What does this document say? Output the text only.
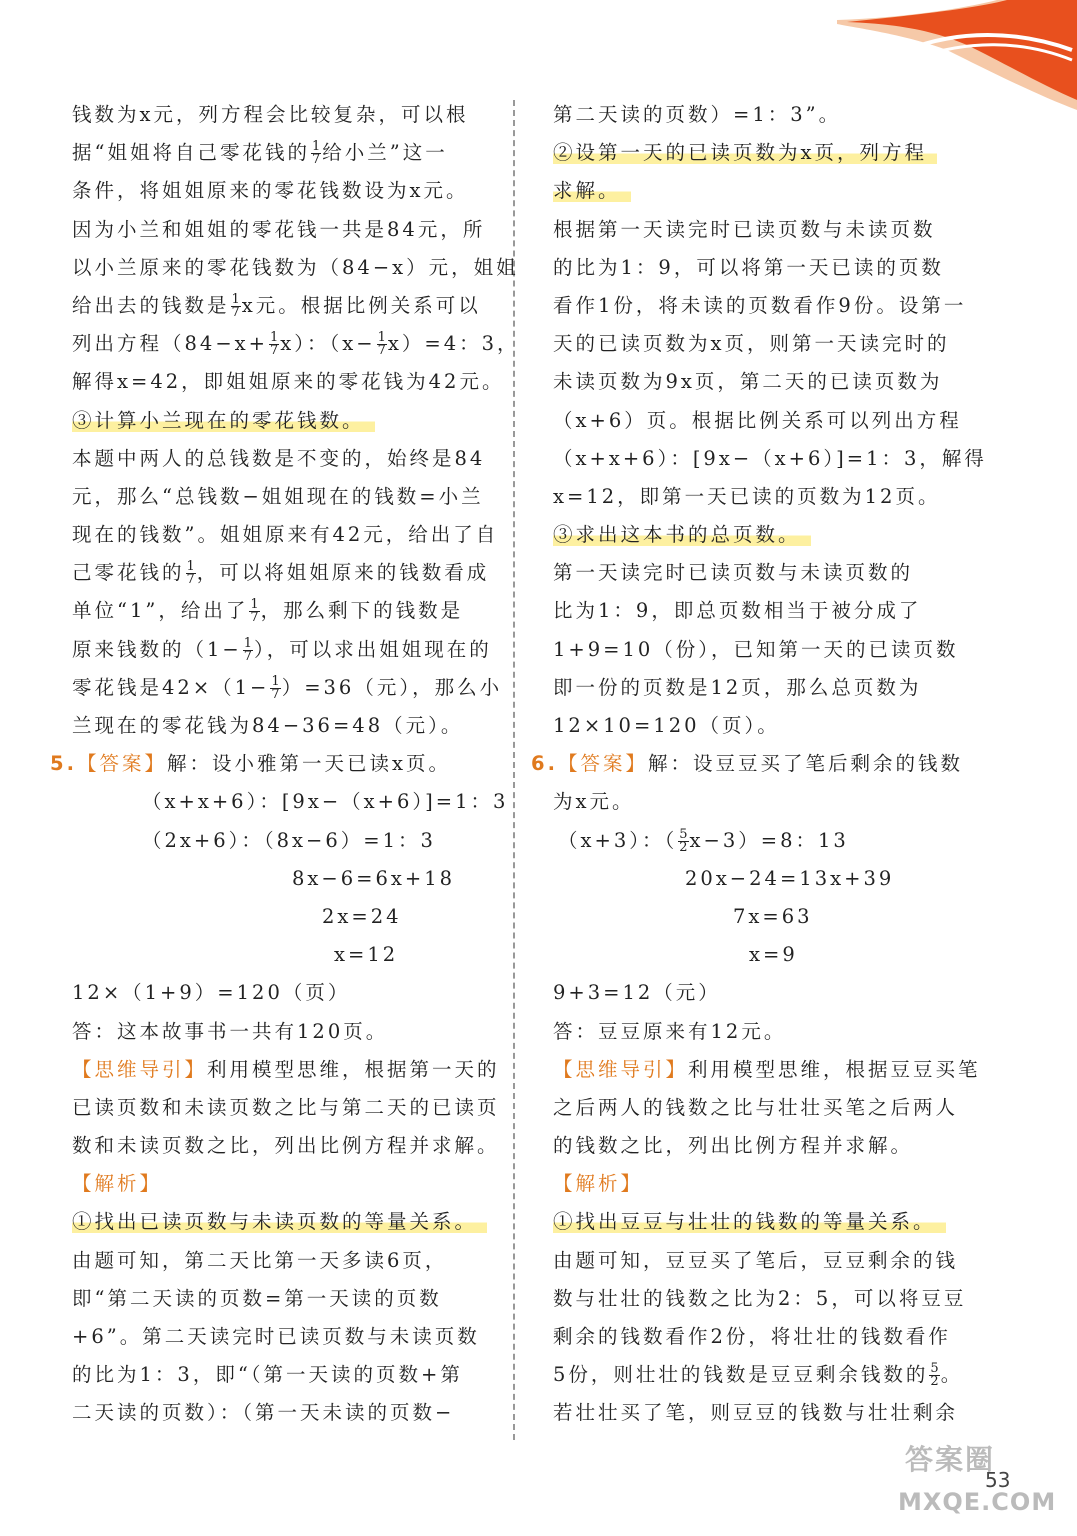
钱数为x元，列方程会比较复杂，可以根
据“姐姐将自己零花钱的 $\frac{1}{7}$ 给小兰”这一
条件，将姐姐原来的零花钱数设为x元。
因为小兰和姐姐的零花钱一共是84元，所
以小兰原来的零花钱数为（84−x）元，姐姐
给出去的钱数是 $\frac{1}{7}$ x元。根据比例关系可以
列出方程$(84-x+ \frac{1}{7} x)$：$(x- \frac{1}{7} x)=4$：3，
解得x=42，即姐姐原来的零花钱为42元。
③计算小兰现在的零花钱数。
本题中两人的总钱数是不变的，始终是84
元，那么“总钱数−姐姐现在的钱数=小兰
现在的钱数”。姐姐原来有42元，给出了自
己零花钱的 $\frac{1}{7}$ ，可以将姐姐原来的钱数看成
单位“1”，给出了 $\frac{1}{7}$ ，那么剩下的钱数是
原来钱数的（$1- \frac{1}{7}$ ），可以求出姐姐现在的
零花钱是$42\times(1- \frac{1}{7} )=36$（元），那么小
兰现在的零花钱为84−36=48（元）。
5.【答案】解：设小雅第一天已读x页。
（x+x+6）：[9x−（x+6）]=1：3
（2x+6）：（8x−6）=1：3
8x−6=6x+18
2x=24
x=12
12×（1+9）=120（页）
答：这本故事书一共有120页。
【思维导引】利用模型思维，根据第一天的
已读页数和未读页数之比与第二天的已读页
数和未读页数之比，列出比例方程并求解。
【解析】
①找出已读页数与未读页数的等量关系。
由题可知，第二天比第一天多读6页，
即“第二天读的页数=第一天读的页数
+6”。第二天读完时已读页数与未读页数
的比为1：3，即“（第一天读的页数+第
二天读的页数）：（第一天未读的页数−
第二天读的页数）=1：3”。
②设第一天的已读页数为x页，列方程
求解。
根据第一天读完时已读页数与未读页数
的比为1：9，可以将第一天已读的页数
看作1份，将未读的页数看作9份。设第一
天的已读页数为x页，则第一天读完时的
未读页数为9x页，第二天的已读页数为
（x+6）页。根据比例关系可以列出方程
（x+x+6）：[9x−（x+6）]=1：3，解得
x=12，即第一天已读的页数为12页。
③求出这本书的总页数。
第一天读完时已读页数与未读页数的
比为1：9，即总页数相当于被分成了
1+9=10（份），已知第一天的已读页数
即一份的页数是12页，那么总页数为
12×10=120（页）。
6.【答案】解：设豆豆买了笔后剩余的钱数
为x元。
（x+3）：（ $\frac{5}{2} x-3)=8$：13
20x−24=13x+39
7x=63
x=9
9+3=12（元）
答：豆豆原来有12元。
【思维导引】利用模型思维，根据豆豆买笔
之后两人的钱数之比与壮壮买笔之后两人
的钱数之比，列出比例方程并求解。
【解析】
①找出豆豆与壮壮的钱数的等量关系。
由题可知，豆豆买了笔后，豆豆剩余的钱
数与壮壮的钱数之比为2：5，可以将豆豆
剩余的钱数看作2份，将壮壮的钱数看作
5份，则壮壮的钱数是豆豆剩余钱数的 $\frac{5}{2}$ 。
若壮壮买了笔，则豆豆的钱数与壮壮剩余
答案圈
53
MXQE.COM
